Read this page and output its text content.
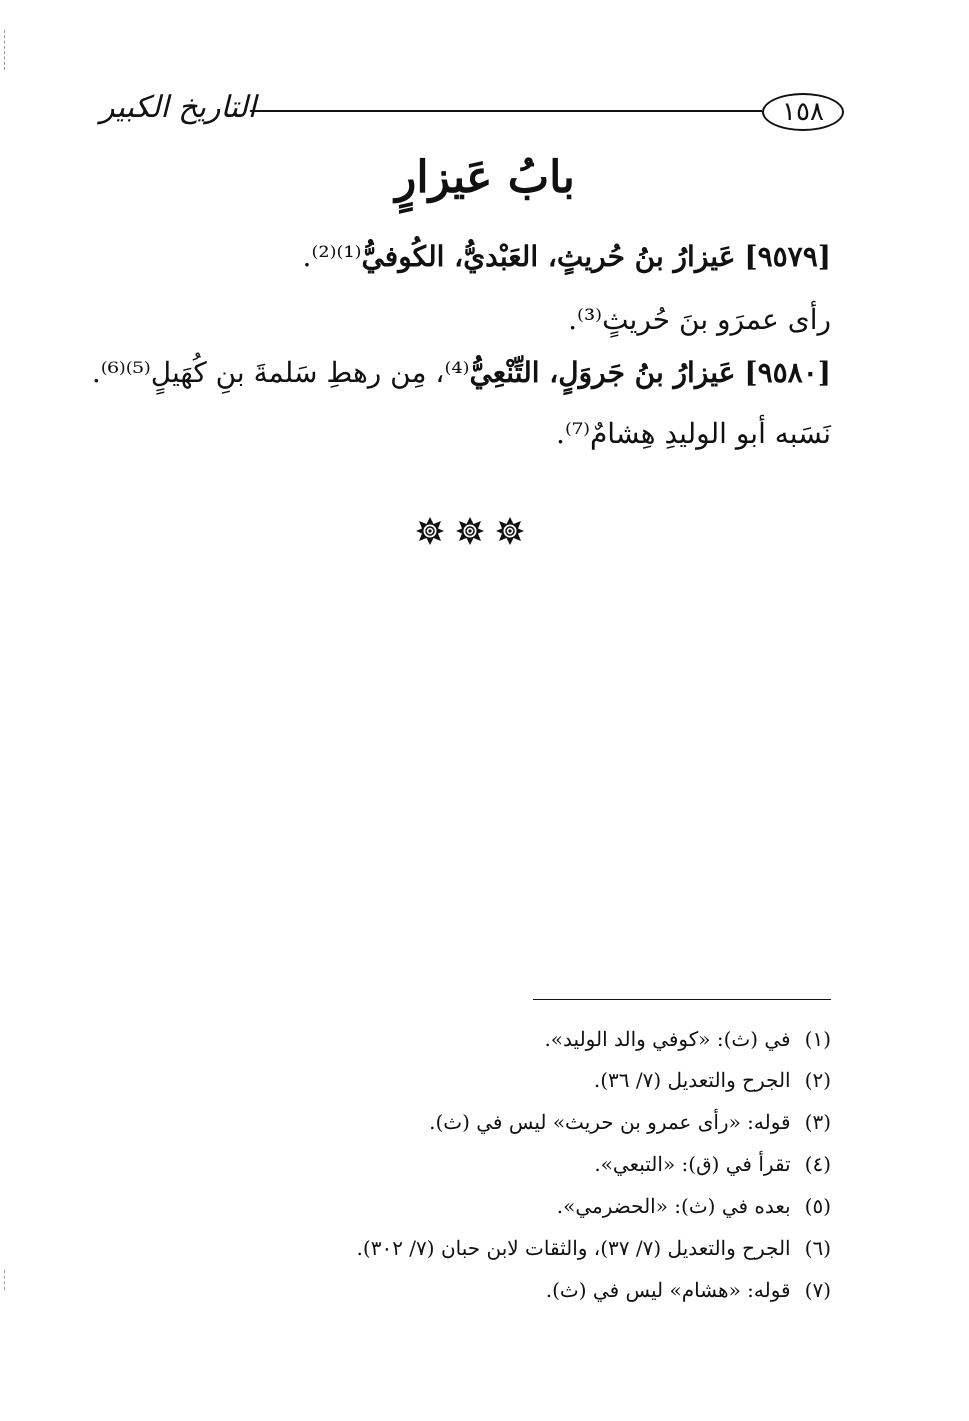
التاريخ الكبير	١٥٨
بابُ عَيزارٍ
[٩٥٧٩] عَيزارُ بنُ حُريثٍ، العَبْديُّ، الكُوفيُّ⁽¹⁾⁽²⁾.
رأى عمرَو بنَ حُريثٍ⁽³⁾.
[٩٥٨٠] عَيزارُ بنُ جَروَلٍ، التِّنْعِيُّ⁽⁴⁾، مِن رهطِ سَلمةَ بنِ كُهَيلٍ⁽⁵⁾⁽⁶⁾.
نَسَبه أبو الوليدِ هِشامٌ⁽⁷⁾.
(١)في (ث): «كوفي والد الوليد».
(٢)الجرح والتعديل (٧/ ٣٦).
(٣)قوله: «رأى عمرو بن حريث» ليس في (ث).
(٤)تقرأ في (ق): «التبعي».
(٥)بعده في (ث): «الحضرمي».
(٦)الجرح والتعديل (٧/ ٣٧)، والثقات لابن حبان (٧/ ٣٠٢).
(٧)قوله: «هشام» ليس في (ث).
